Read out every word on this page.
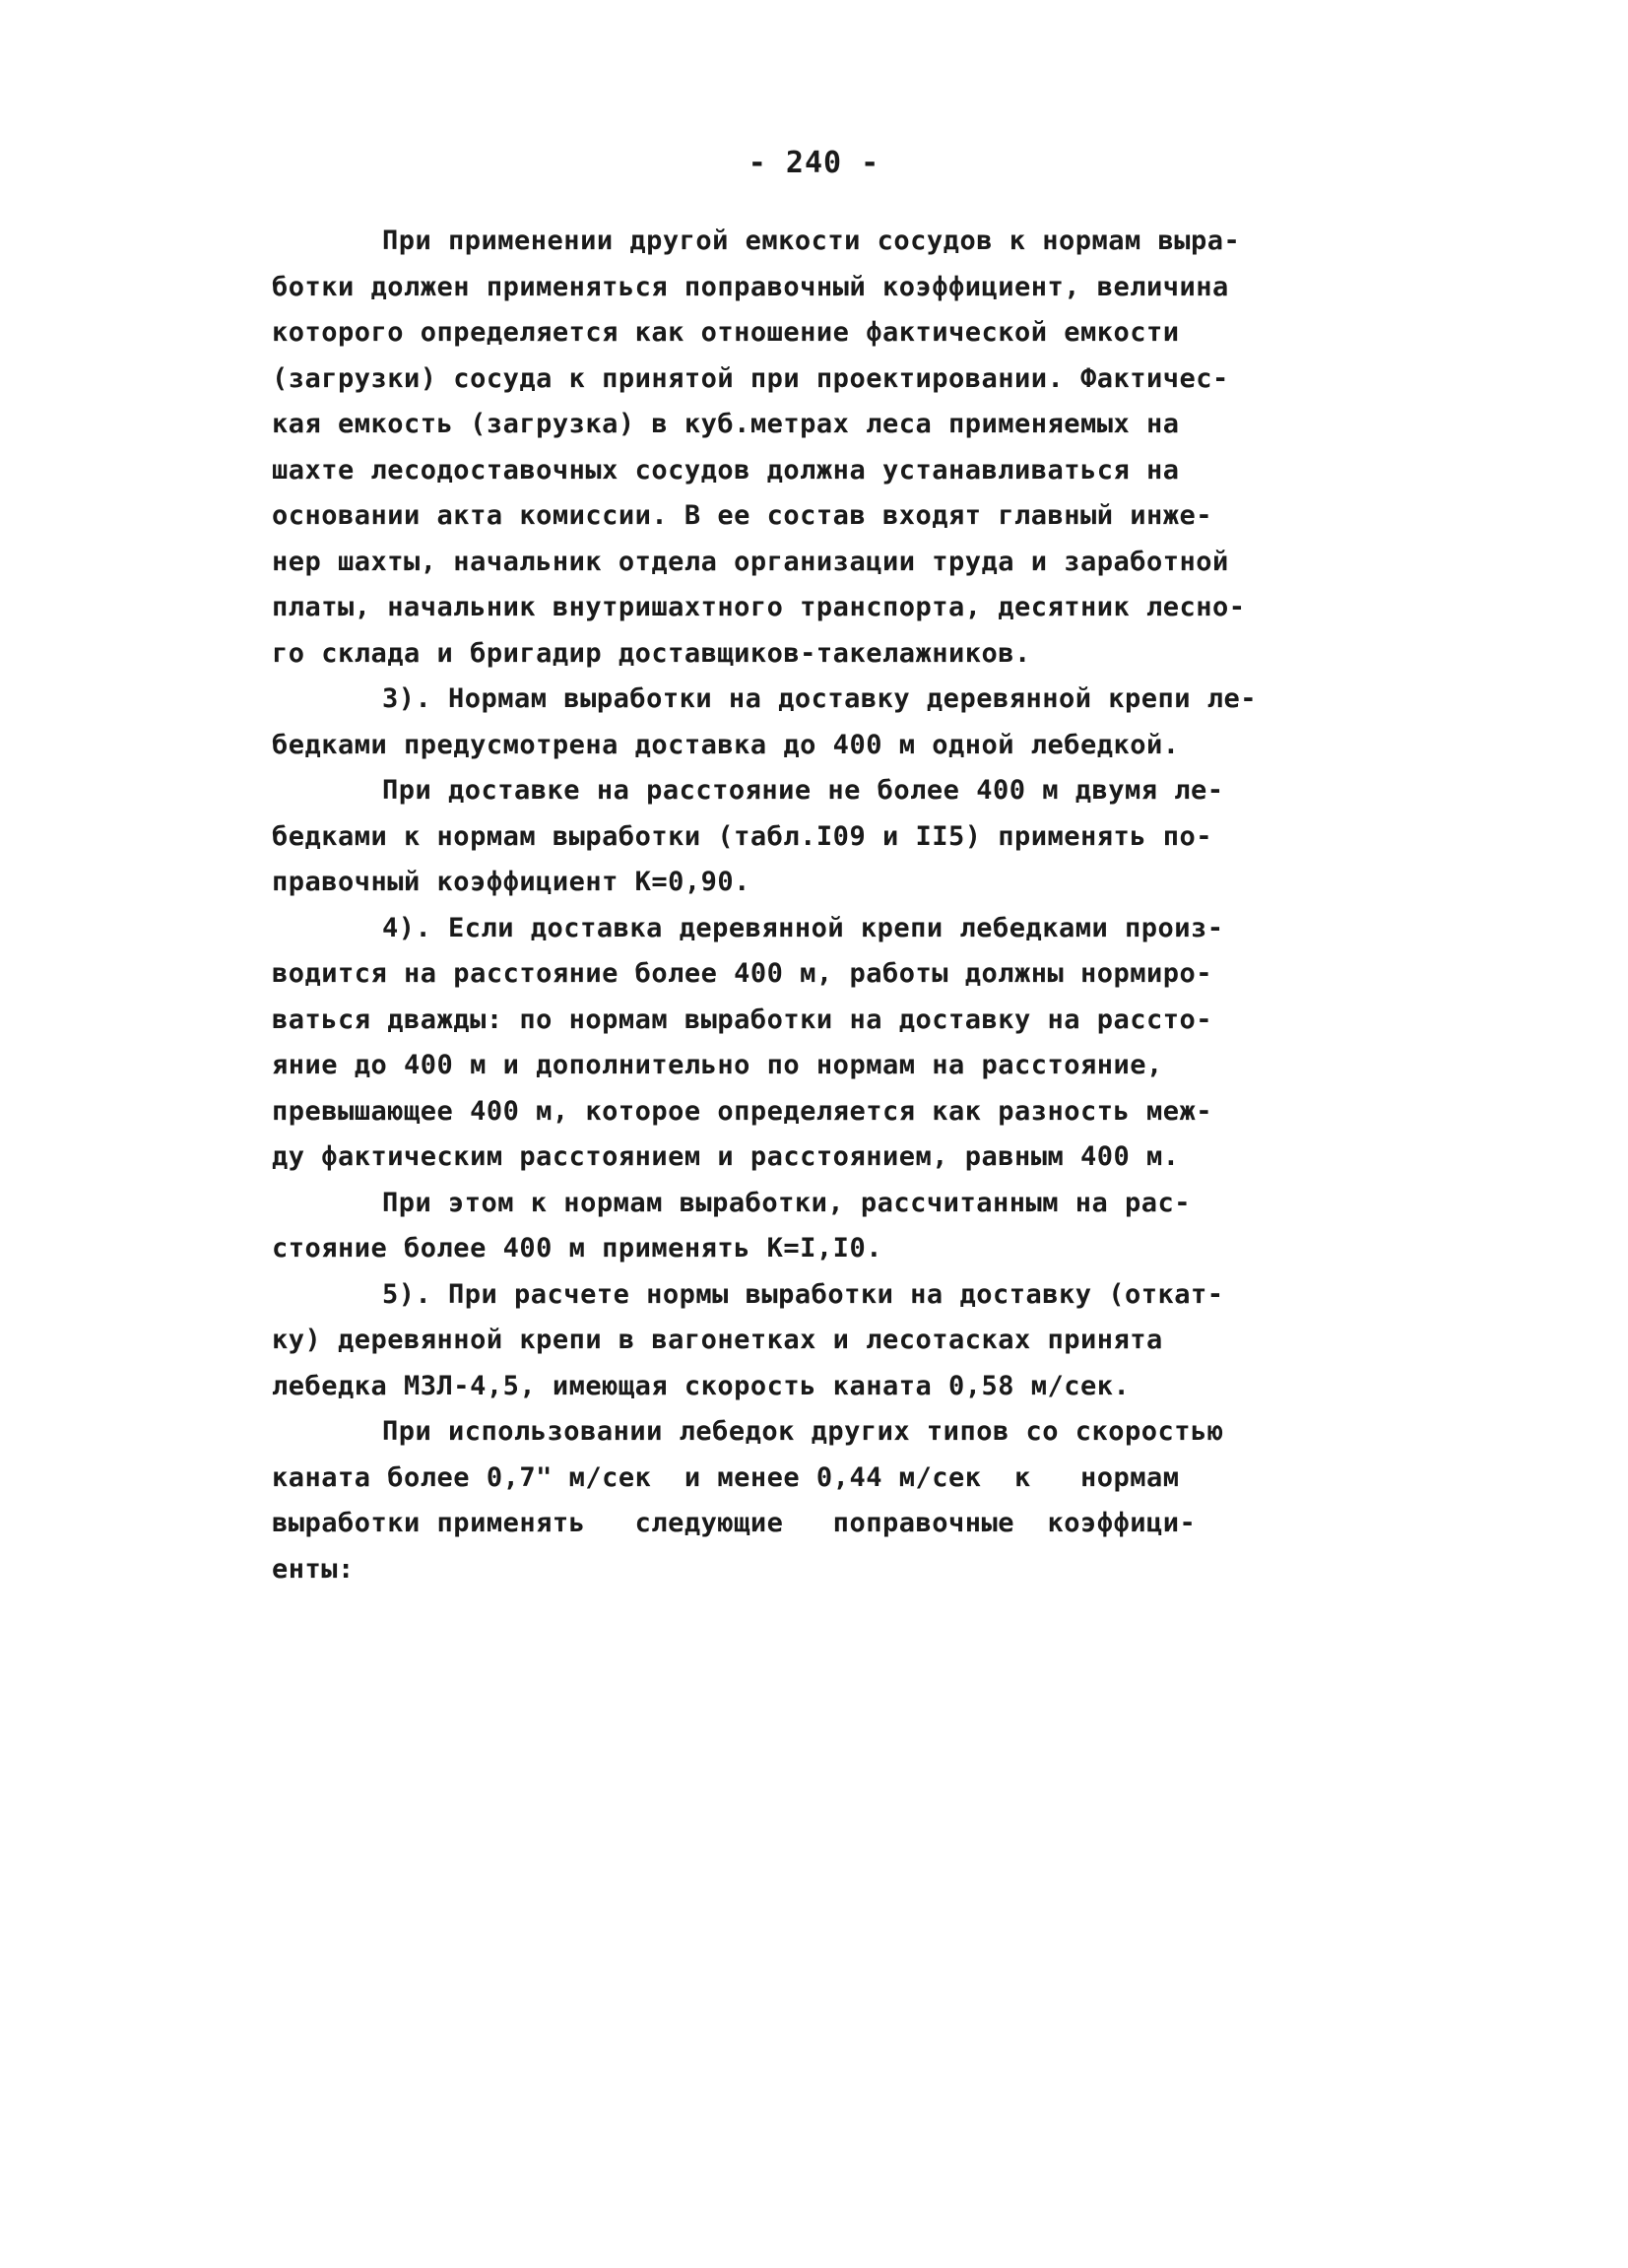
- 240 -
При применении другой емкости сосудов к нормам выра-
ботки должен применяться поправочный коэффициент, величина
которого определяется как отношение фактической емкости
(загрузки) сосуда к принятой при проектировании. Фактичес-
кая емкость (загрузка) в куб.метрах леса применяемых на
шахте лесодоставочных сосудов должна устанавливаться на
основании акта комиссии. В ее состав входят главный инже-
нер шахты, начальник отдела организации труда и заработной
платы, начальник внутришахтного транспорта, десятник лесно-
го склада и бригадир доставщиков-такелажников.
3). Нормам выработки на доставку деревянной крепи ле-
бедками предусмотрена доставка до 400 м одной лебедкой.
При доставке на расстояние не более 400 м двумя ле-
бедками к нормам выработки (табл.I09 и II5) применять по-
правочный коэффициент К=0,90.
4). Если доставка деревянной крепи лебедками произ-
водится на расстояние более 400 м, работы должны нормиро-
ваться дважды: по нормам выработки на доставку на рассто-
яние до 400 м и дополнительно по нормам на расстояние,
превышающее 400 м, которое определяется как разность меж-
ду фактическим расстоянием и расстоянием, равным 400 м.
При этом к нормам выработки, рассчитанным на рас-
стояние более 400 м применять К=I,I0.
5). При расчете нормы выработки на доставку (откат-
ку) деревянной крепи в вагонетках и лесотасках принята
лебедка МЗЛ-4,5, имеющая скорость каната 0,58 м/сек.
При использовании лебедок других типов со скоростью
каната более 0,7" м/сек  и менее 0,44 м/сек  к   нормам
выработки применять   следующие   поправочные  коэффици-
енты:
